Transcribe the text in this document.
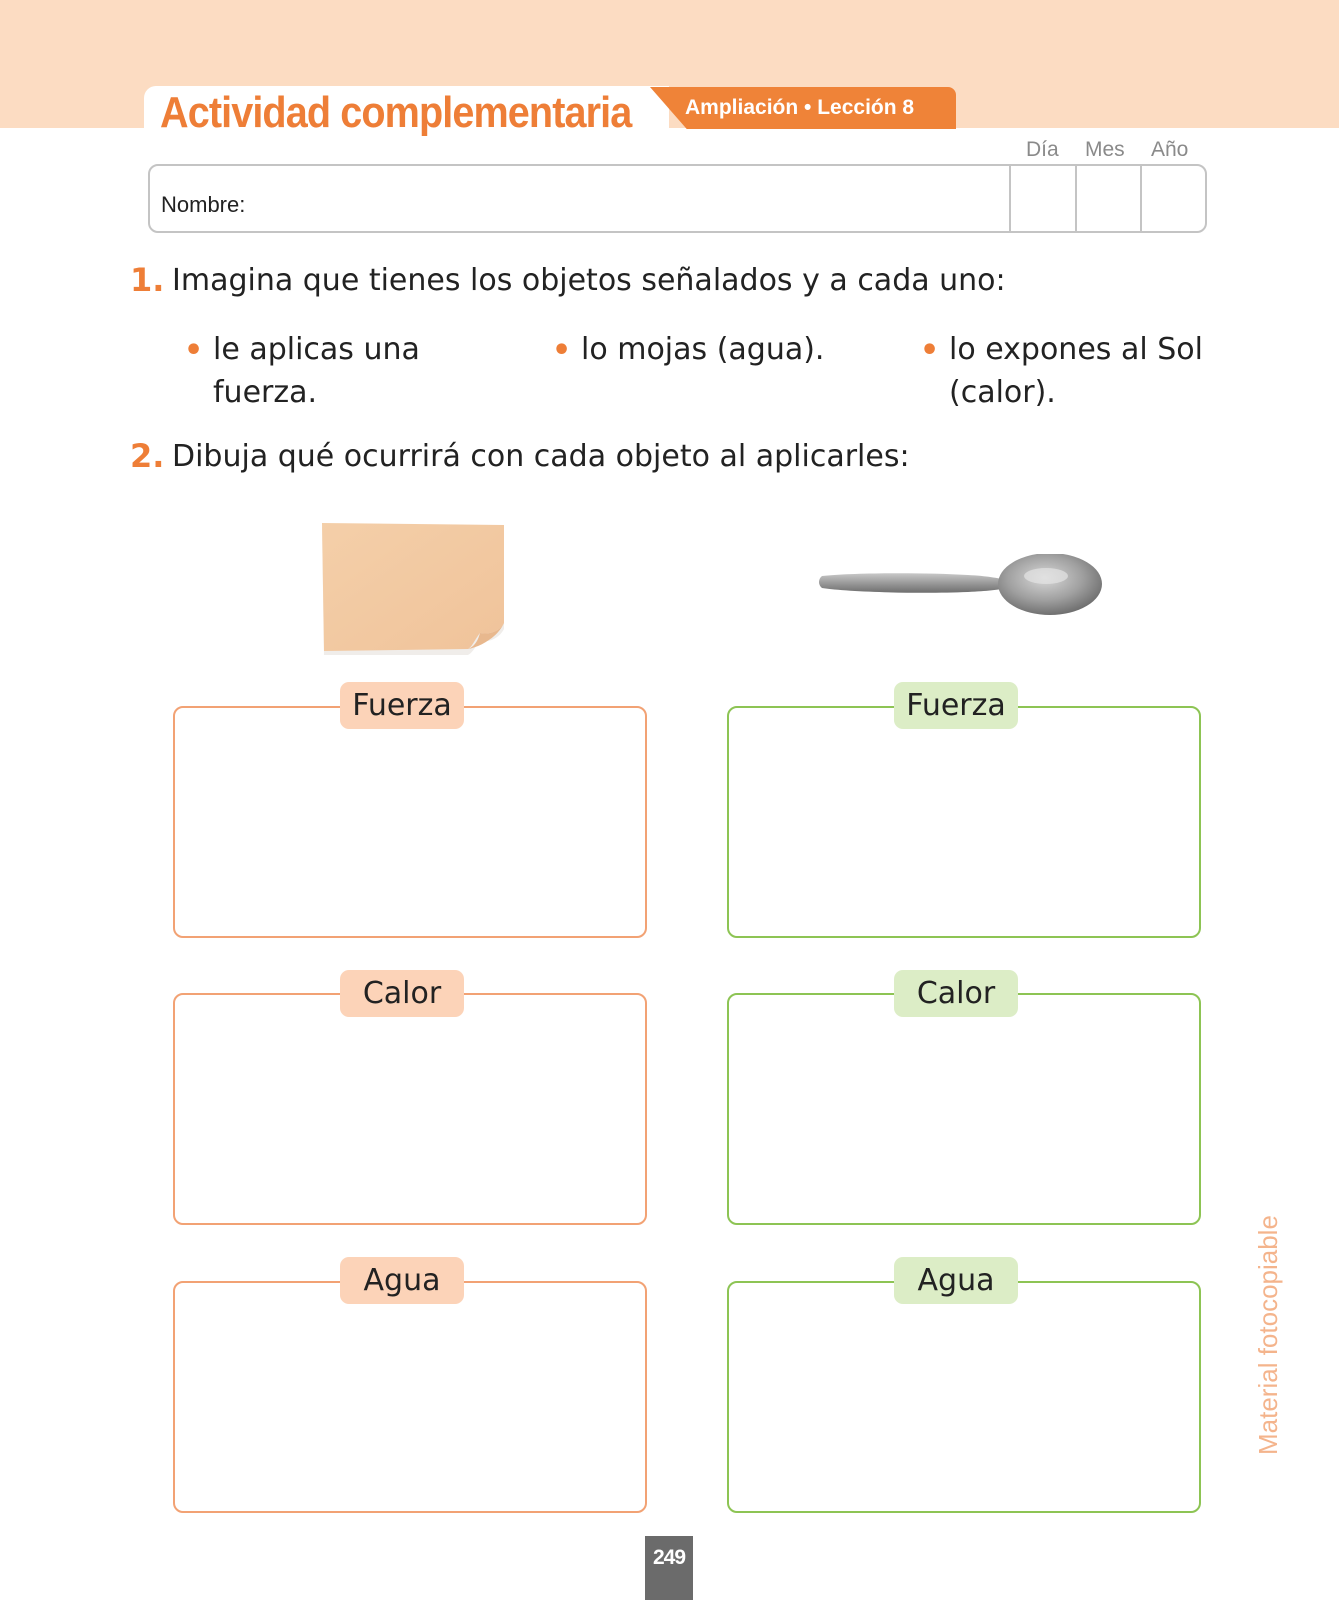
Actividad complementaria	Ampliación • Lección 8
Día Mes Año
Nombre:
1. Imagina que tienes los objetos señalados y a cada uno:
• le aplicas una
fuerza.
• lo mojas (agua).	• lo expones al Sol
(calor).
2. Dibuja qué ocurrirá con cada objeto al aplicarles:
Fuerza
Calor
Agua
Fuerza
Calor
Agua	Material fotocopiable
249
